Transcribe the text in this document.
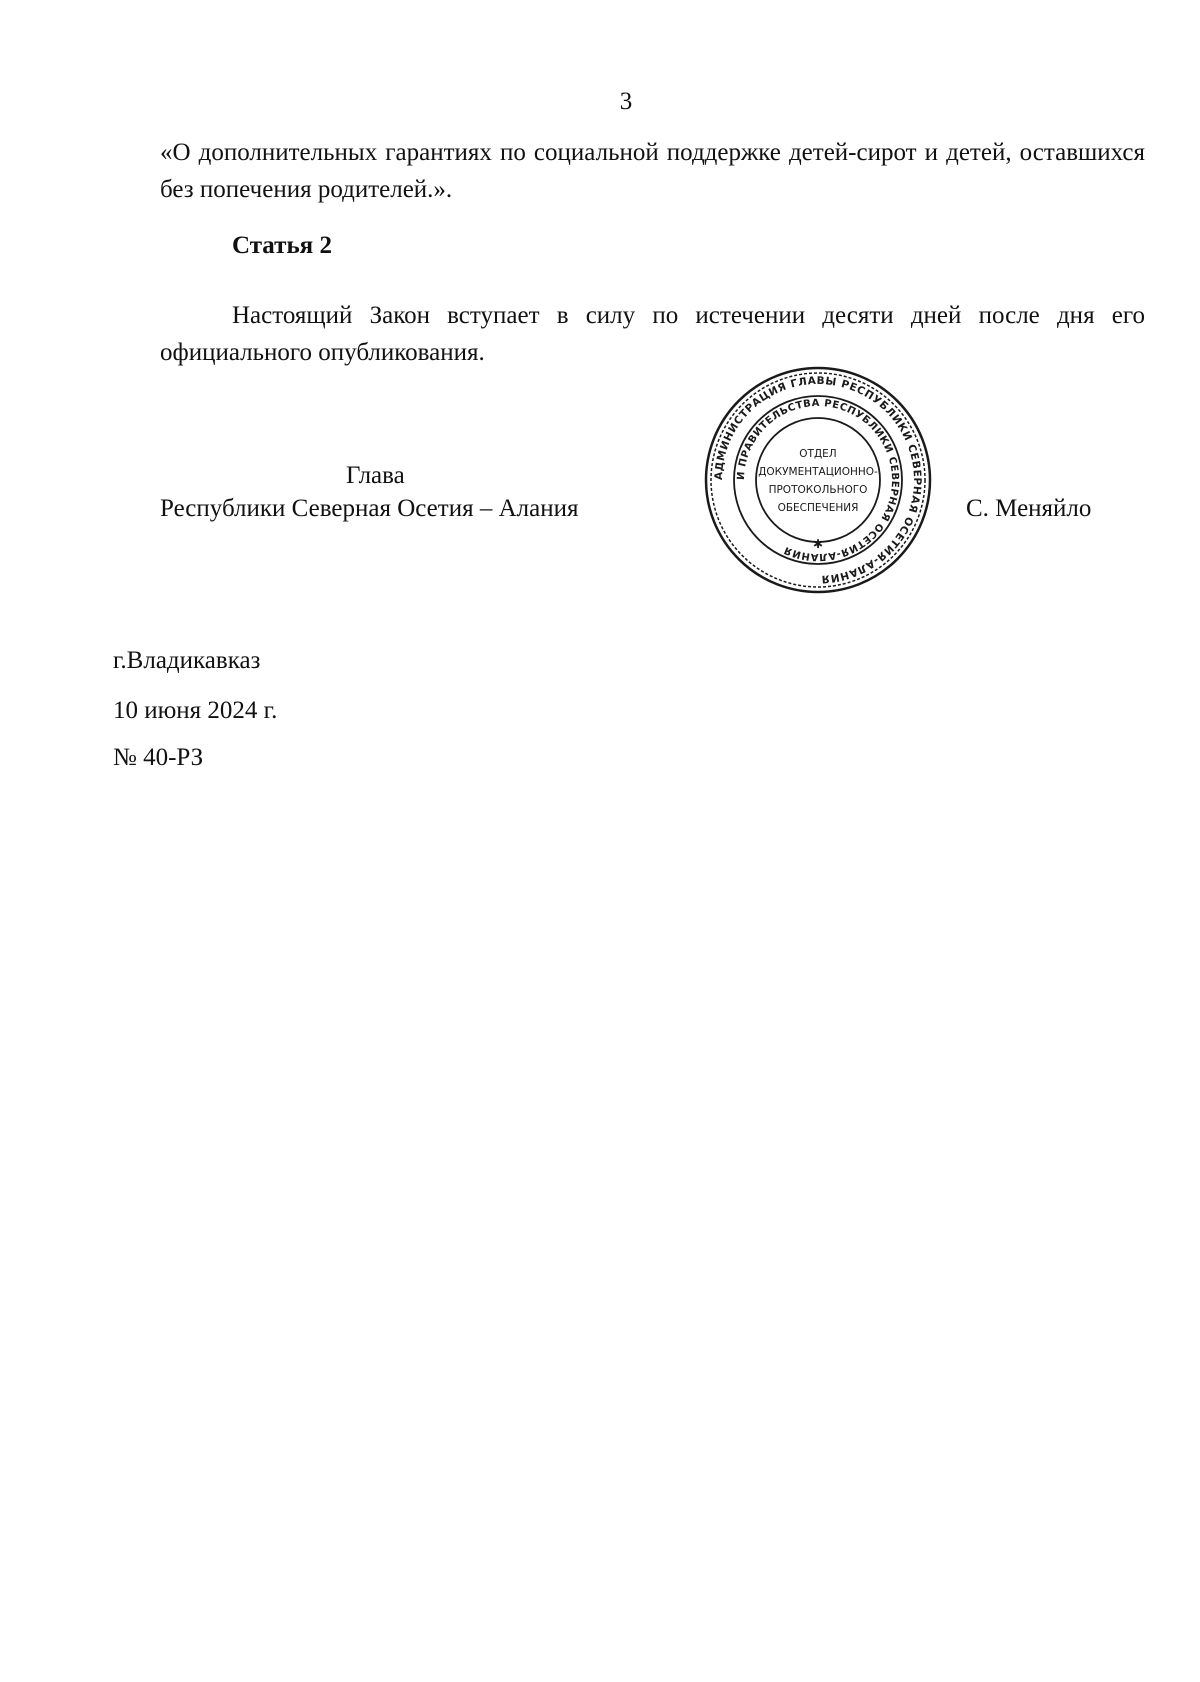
3
«О дополнительных гарантиях по социальной поддержке детей-сирот и детей, оставшихся без попечения родителей.».
Статья 2
Настоящий Закон вступает в силу по истечении десяти дней после дня его официального опубликования.
Глава
Республики Северная Осетия – Алания	С. Меняйло
АДМИНИСТРАЦИЯ ГЛАВЫ РЕСПУБЛИКИ СЕВЕРНАЯ ОСЕТИЯ-АЛАНИЯ
И ПРАВИТЕЛЬСТВА РЕСПУБЛИКИ СЕВЕРНАЯ ОСЕТИЯ-АЛАНИЯ
ОТДЕЛ
ДОКУМЕНТАЦИОННО-
ПРОТОКОЛЬНОГО
ОБЕСПЕЧЕНИЯ
✱
г.Владикавказ
10 июня 2024 г.
№ 40-РЗ
